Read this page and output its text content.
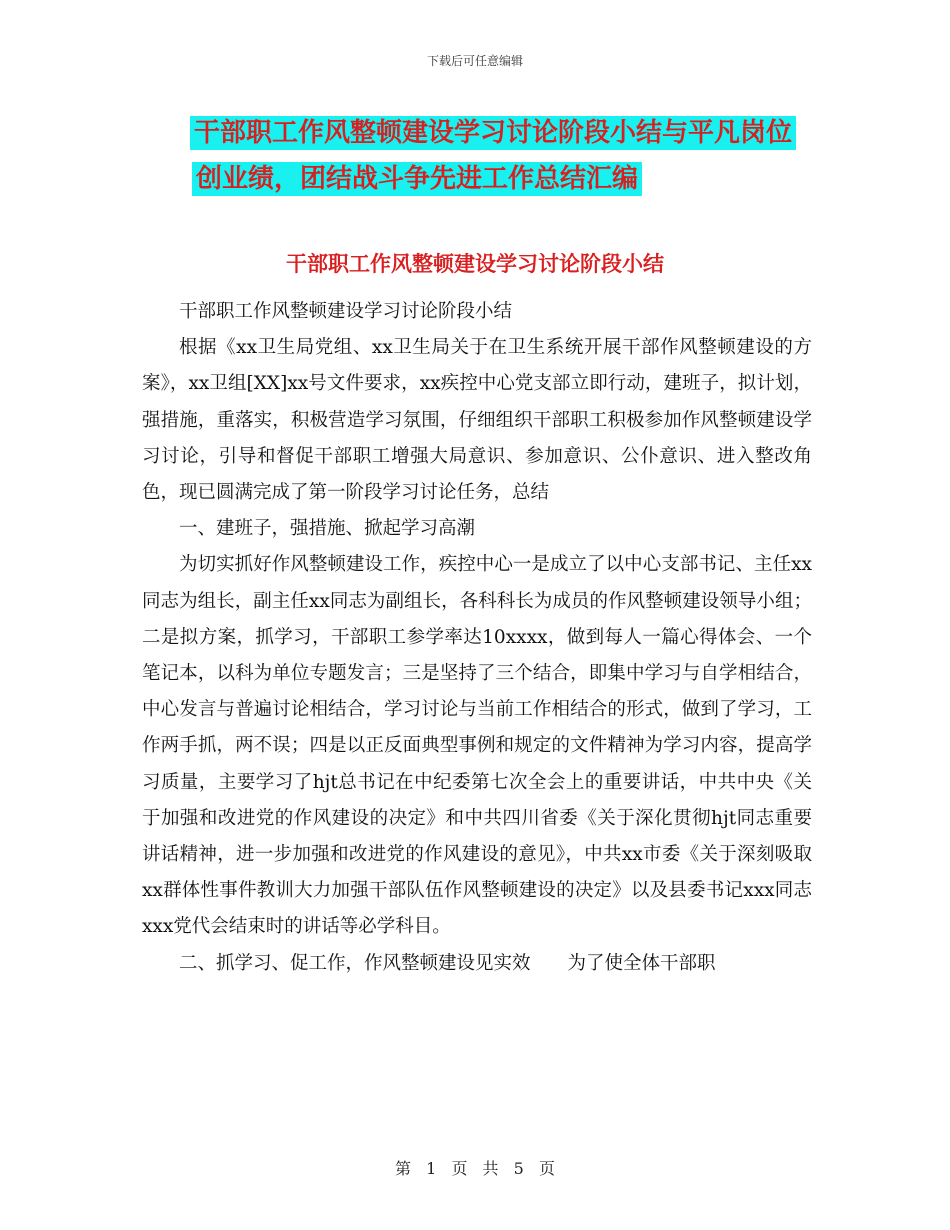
下载后可任意编辑
干部职工作风整顿建设学习讨论阶段小结与平凡岗位
创业绩，团结战斗争先进工作总结汇编
干部职工作风整顿建设学习讨论阶段小结

干部职工作风整顿建设学习讨论阶段小结

根据《xx卫生局党组、xx卫生局关于在卫生系统开展干部作风整顿建设的方案》，xx卫组[XX]xx号文件要求，xx疾控中心党支部立即行动，建班子，拟计划，强措施，重落实，积极营造学习氛围，仔细组织干部职工积极参加作风整顿建设学习讨论，引导和督促干部职工增强大局意识、参加意识、公仆意识、进入整改角色，现已圆满完成了第一阶段学习讨论任务，总结

一、建班子，强措施、掀起学习高潮

为切实抓好作风整顿建设工作，疾控中心一是成立了以中心支部书记、主任xx同志为组长，副主任xx同志为副组长，各科科长为成员的作风整顿建设领导小组；二是拟方案，抓学习，干部职工参学率达10xxxx，做到每人一篇心得体会、一个笔记本，以科为单位专题发言；三是坚持了三个结合，即集中学习与自学相结合，中心发言与普遍讨论相结合，学习讨论与当前工作相结合的形式，做到了学习，工作两手抓，两不误；四是以正反面典型事例和规定的文件精神为学习内容，提高学习质量，主要学习了hjt总书记在中纪委第七次全会上的重要讲话，中共中央《关于加强和改进党的作风建设的决定》和中共四川省委《关于深化贯彻hjt同志重要讲话精神，进一步加强和改进党的作风建设的意见》，中共xx市委《关于深刻吸取xx群体性事件教训大力加强干部队伍作风整顿建设的决定》以及县委书记xxx同志xxx党代会结束时的讲话等必学科目。

二、抓学习、促工作，作风整顿建设见实效　　为了使全体干部职

第 1 页 共 5 页
